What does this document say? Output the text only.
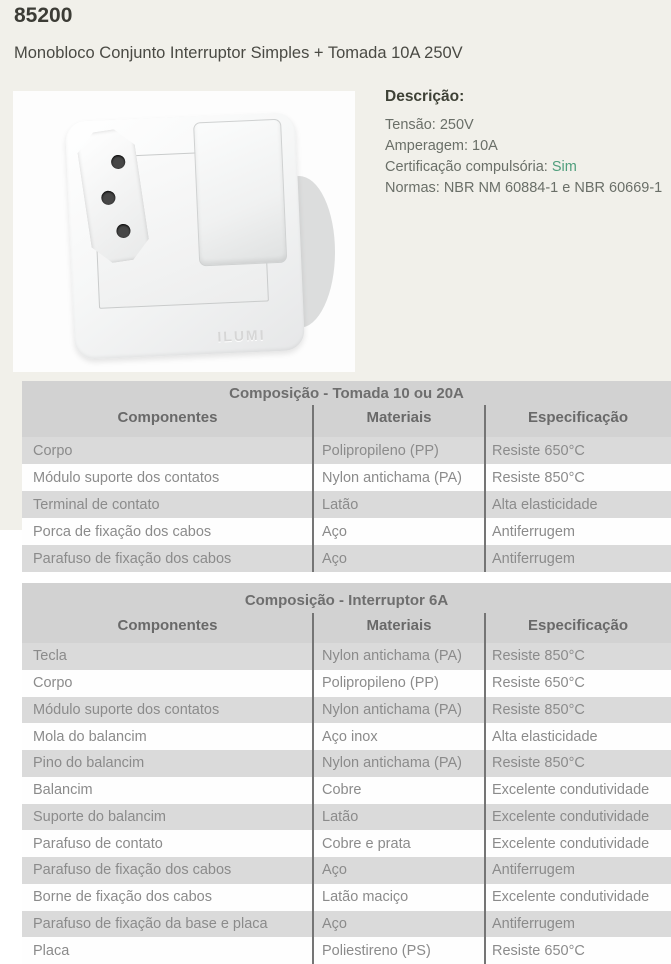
85200
Monobloco Conjunto Interruptor Simples + Tomada 10A 250V
ILUMI
Descrição:
Tensão: 250V
Amperagem: 10A
Certificação compulsória: Sim
Normas: NBR NM 60884-1 e NBR 60669-1
Composição - Tomada 10 ou 20A
Componentes	Materiais	Especificação
Corpo	Polipropileno (PP)	Resiste 650°C
Módulo suporte dos contatos	Nylon antichama (PA)	Resiste 850°C
Terminal de contato	Latão	Alta elasticidade
Porca de fixação dos cabos	Aço	Antiferrugem
Parafuso de fixação dos cabos	Aço	Antiferrugem
Composição - Interruptor 6A
Componentes	Materiais	Especificação
Tecla	Nylon antichama (PA)	Resiste 850°C
Corpo	Polipropileno (PP)	Resiste 650°C
Módulo suporte dos contatos	Nylon antichama (PA)	Resiste 850°C
Mola do balancim	Aço inox	Alta elasticidade
Pino do balancim	Nylon antichama (PA)	Resiste 850°C
Balancim	Cobre	Excelente condutividade
Suporte do balancim	Latão	Excelente condutividade
Parafuso de contato	Cobre e prata	Excelente condutividade
Parafuso de fixação dos cabos	Aço	Antiferrugem
Borne de fixação dos cabos	Latão maciço	Excelente condutividade
Parafuso de fixação da base e placa	Aço	Antiferrugem
Placa	Poliestireno (PS)	Resiste 650°C
